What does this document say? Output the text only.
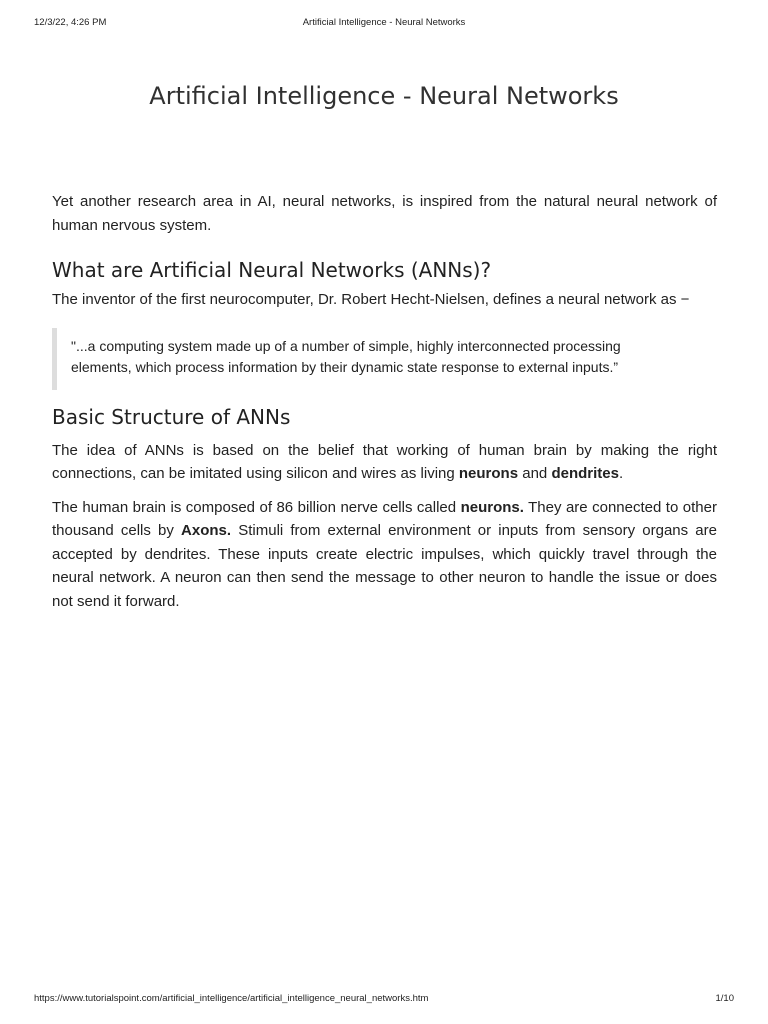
12/3/22, 4:26 PM	Artificial Intelligence - Neural Networks
Artificial Intelligence - Neural Networks

Yet another research area in AI, neural networks, is inspired from the natural neural network of human nervous system.

What are Artificial Neural Networks (ANNs)?

The inventor of the first neurocomputer, Dr. Robert Hecht-Nielsen, defines a neural network as −

"...a computing system made up of a number of simple, highly interconnected processing
elements, which process information by their dynamic state response to external inputs.”
Basic Structure of ANNs

The idea of ANNs is based on the belief that working of human brain by making the right connections, can be imitated using silicon and wires as living neurons and dendrites.

The human brain is composed of 86 billion nerve cells called neurons. They are connected to other thousand cells by Axons. Stimuli from external environment or inputs from sensory organs are accepted by dendrites. These inputs create electric impulses, which quickly travel through the neural network. A neuron can then send the message to other neuron to handle the issue or does not send it forward.

https://www.tutorialspoint.com/artificial_intelligence/artificial_intelligence_neural_networks.htm	1/10
